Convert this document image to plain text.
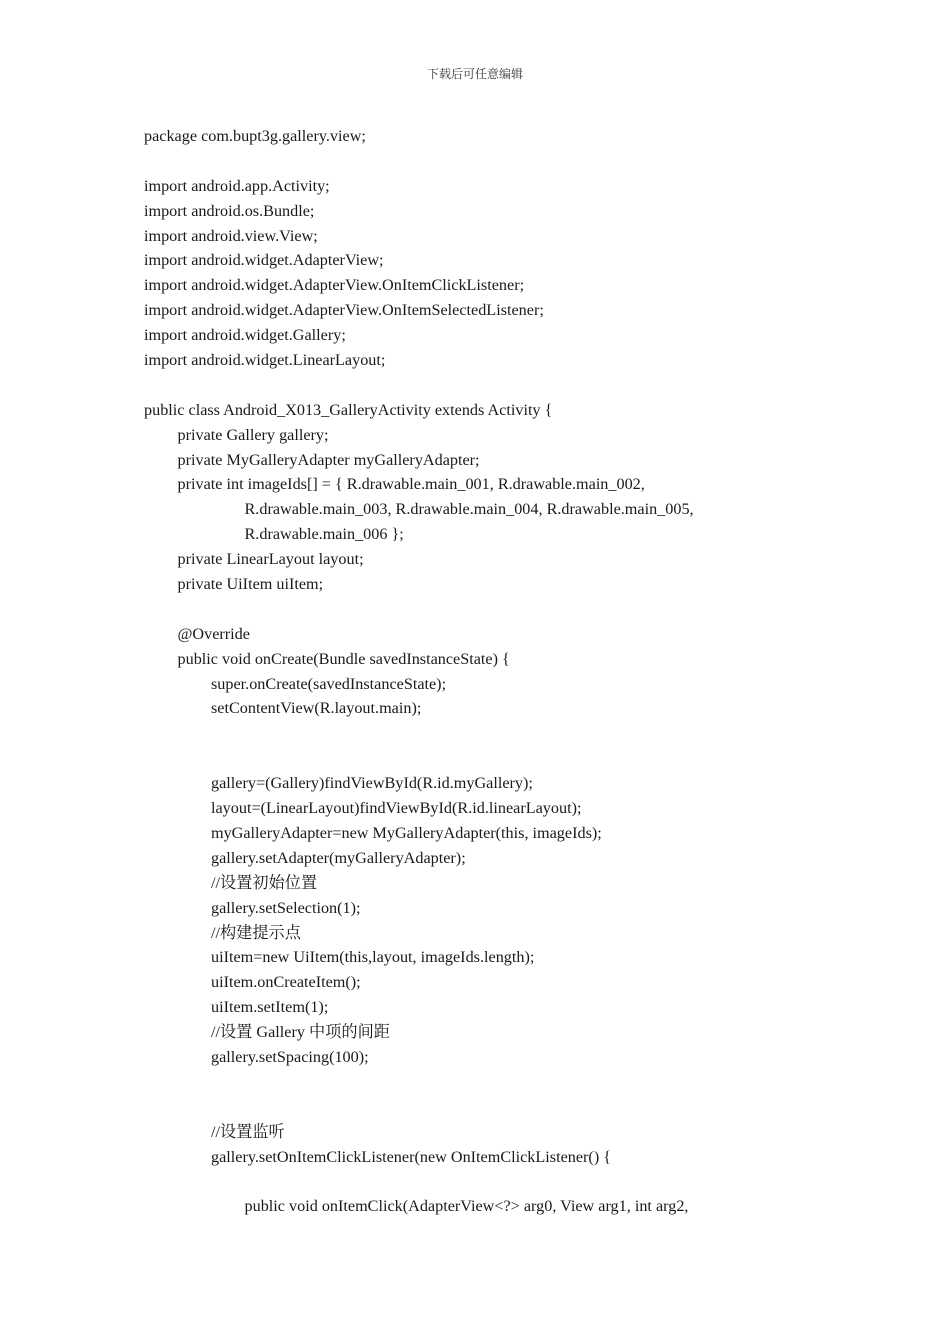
下载后可任意编辑
package com.bupt3g.gallery.view;
import android.app.Activity;
import android.os.Bundle;
import android.view.View;
import android.widget.AdapterView;
import android.widget.AdapterView.OnItemClickListener;
import android.widget.AdapterView.OnItemSelectedListener;
import android.widget.Gallery;
import android.widget.LinearLayout;
public class Android_X013_GalleryActivity extends Activity {
private Gallery gallery;
private MyGalleryAdapter myGalleryAdapter;
private int imageIds[] = { R.drawable.main_001, R.drawable.main_002,
R.drawable.main_003, R.drawable.main_004, R.drawable.main_005,
R.drawable.main_006 };
private LinearLayout layout;
private UiItem uiItem;
@Override
public void onCreate(Bundle savedInstanceState) {
super.onCreate(savedInstanceState);
setContentView(R.layout.main);
gallery=(Gallery)findViewById(R.id.myGallery);
layout=(LinearLayout)findViewById(R.id.linearLayout);
myGalleryAdapter=new MyGalleryAdapter(this, imageIds);
gallery.setAdapter(myGalleryAdapter);
//设置初始位置
gallery.setSelection(1);
//构建提示点
uiItem=new UiItem(this,layout, imageIds.length);
uiItem.onCreateItem();
uiItem.setItem(1);
//设置 Gallery 中项的间距
gallery.setSpacing(100);
//设置监听
gallery.setOnItemClickListener(new OnItemClickListener() {
public void onItemClick(AdapterView<?> arg0, View arg1, int arg2,
